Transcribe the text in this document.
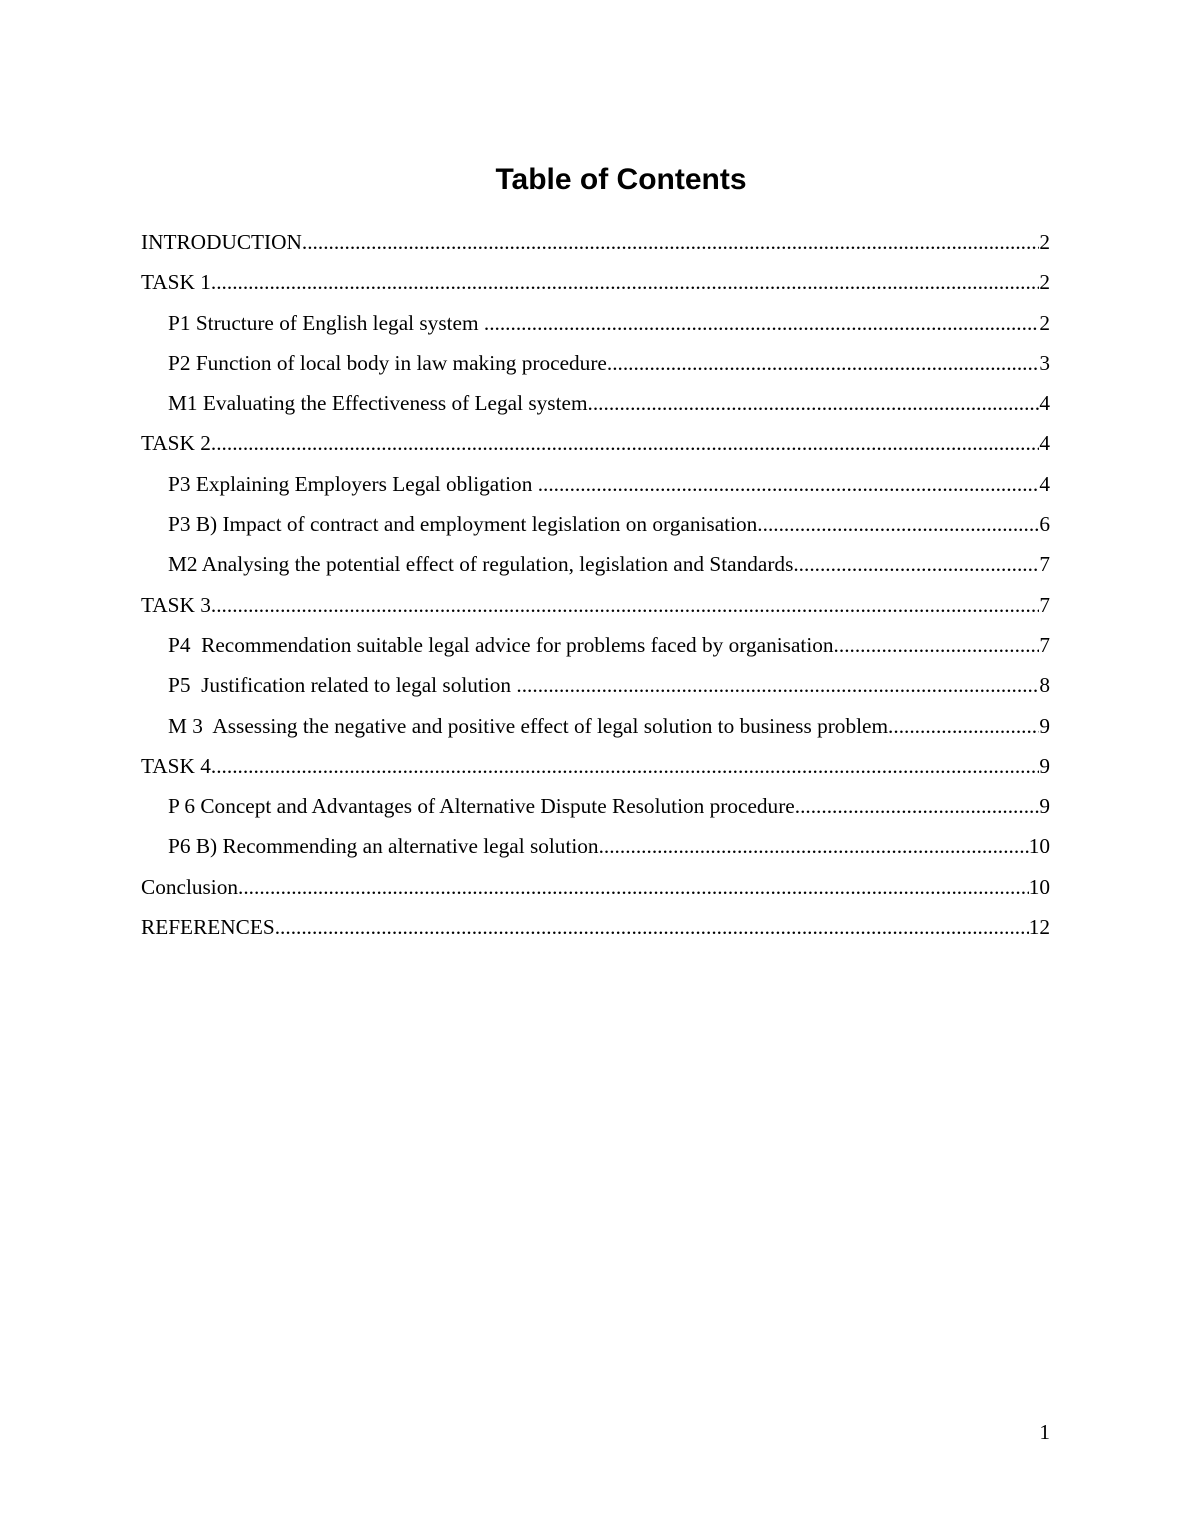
Table of Contents
INTRODUCTION .....	2
TASK 1 .....	2
P1 Structure of English legal system .....	2
P2 Function of local body in law making procedure .....	3
M1 Evaluating the Effectiveness of Legal system .....	4
TASK 2 .....	4
P3 Explaining Employers Legal obligation .....	4
P3 B) Impact of contract and employment legislation on organisation .....	6
M2 Analysing the potential effect of regulation, legislation and Standards .....	7
TASK 3 .....	7
P4  Recommendation suitable legal advice for problems faced by organisation .....	7
P5  Justification related to legal solution .....	8
M 3  Assessing the negative and positive effect of legal solution to business problem .....	9
TASK 4 .....	9
P 6 Concept and Advantages of Alternative Dispute Resolution procedure .....	9
P6 B) Recommending an alternative legal solution .....	10
Conclusion .....	10
REFERENCES .....	12
1
